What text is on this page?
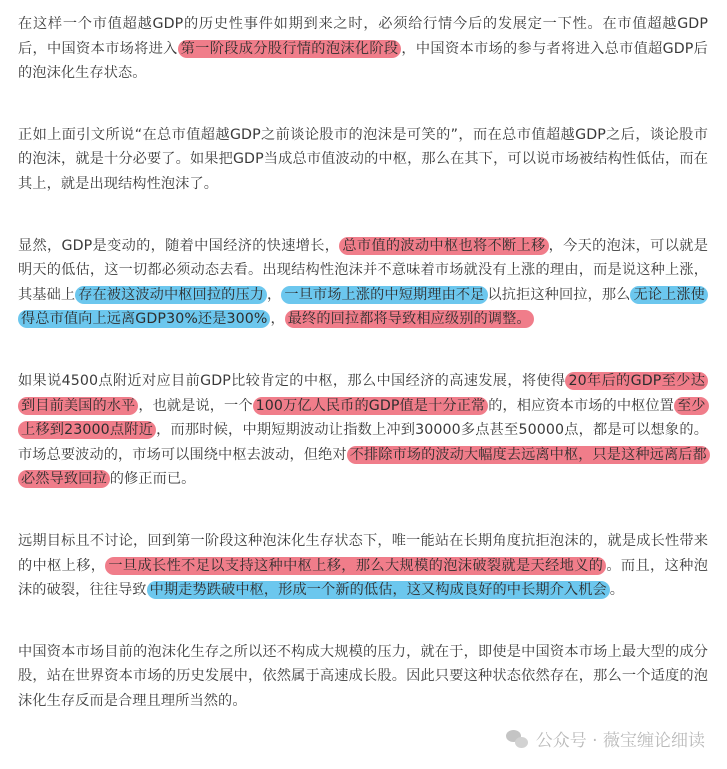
在这样一个市值超越GDP的历史性事件如期到来之时，必须给行情今后的发展定一下性。在市值超越GDP后，中国资本市场将进入 第一阶段成分股行情的泡沫化阶段 ，中国资本市场的参与者将进入总市值超GDP后的泡沫化生存状态。

正如上面引文所说“在总市值超越GDP之前谈论股市的泡沫是可笑的”，而在总市值超越GDP之后，谈论股市的泡沫，就是十分必要了。如果把GDP当成总市值波动的中枢，那么在其下，可以说市场被结构性低估，而在其上，就是出现结构性泡沫了。

显然，GDP是变动的，随着中国经济的快速增长， 总市值的波动中枢也将不断上移 ，今天的泡沫，可以就是明天的低估，这一切都必须动态去看。出现结构性泡沫并不意味着市场就没有上涨的理由，而是说这种上涨，其基础上 存在被这波动中枢回拉的压力 ， 一旦市场上涨的中短期理由不足 以抗拒这种回拉，那么 无论上涨使得总市值向上远离GDP30%还是300% ， 最终的回拉都将导致相应级别的调整。

如果说4500点附近对应目前GDP比较肯定的中枢，那么中国经济的高速发展，将使得 20年后的GDP至少达到目前美国的水平 ，也就是说，一个 100万亿人民币的GDP值是十分正常 的，相应资本市场的中枢位置 至少上移到23000点附近 ，而那时候，中期短期波动让指数上冲到30000多点甚至50000点，都是可以想象的。市场总要波动的，市场可以围绕中枢去波动，但绝对 不排除市场的波动大幅度去远离中枢，只是这种远离后都必然导致回拉 的修正而已。

远期目标且不讨论，回到第一阶段这种泡沫化生存状态下，唯一能站在长期角度抗拒泡沫的，就是成长性带来的中枢上移， 一旦成长性不足以支持这种中枢上移，那么大规模的泡沫破裂就是天经地义的 。而且，这种泡沫的破裂，往往导致 中期走势跌破中枢，形成一个新的低估，这又构成良好的中长期介入机会 。

中国资本市场目前的泡沫化生存之所以还不构成大规模的压力，就在于，即使是中国资本市场上最大型的成分股，站在世界资本市场的历史发展中，依然属于高速成长股。因此只要这种状态依然存在，那么一个适度的泡沫化生存反而是合理且理所当然的。

公众号 · 薇宝缠论细读
